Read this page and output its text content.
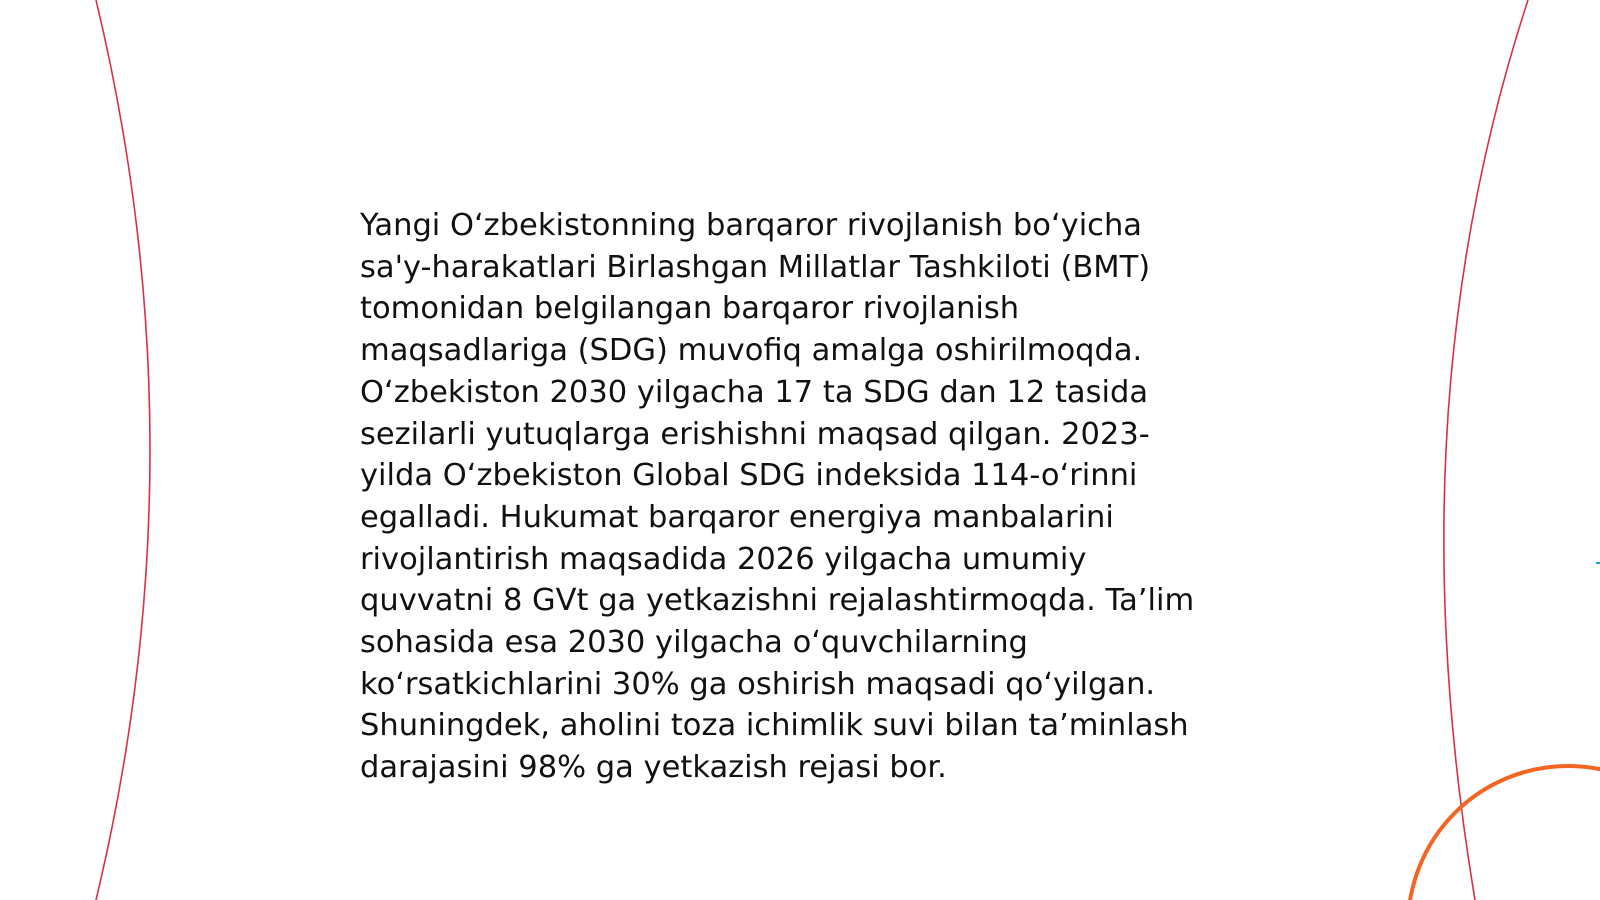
Yangi O‘zbekistonning barqaror rivojlanish bo‘yicha
sa'y-harakatlari Birlashgan Millatlar Tashkiloti (BMT)
tomonidan belgilangan barqaror rivojlanish
maqsadlariga (SDG) muvofiq amalga oshirilmoqda.
O‘zbekiston 2030 yilgacha 17 ta SDG dan 12 tasida
sezilarli yutuqlarga erishishni maqsad qilgan. 2023-
yilda O‘zbekiston Global SDG indeksida 114-o‘rinni
egalladi. Hukumat barqaror energiya manbalarini
rivojlantirish maqsadida 2026 yilgacha umumiy
quvvatni 8 GVt ga yetkazishni rejalashtirmoqda. Ta’lim
sohasida esa 2030 yilgacha o‘quvchilarning
ko‘rsatkichlarini 30% ga oshirish maqsadi qo‘yilgan.
Shuningdek, aholini toza ichimlik suvi bilan ta’minlash
darajasini 98% ga yetkazish rejasi bor.
